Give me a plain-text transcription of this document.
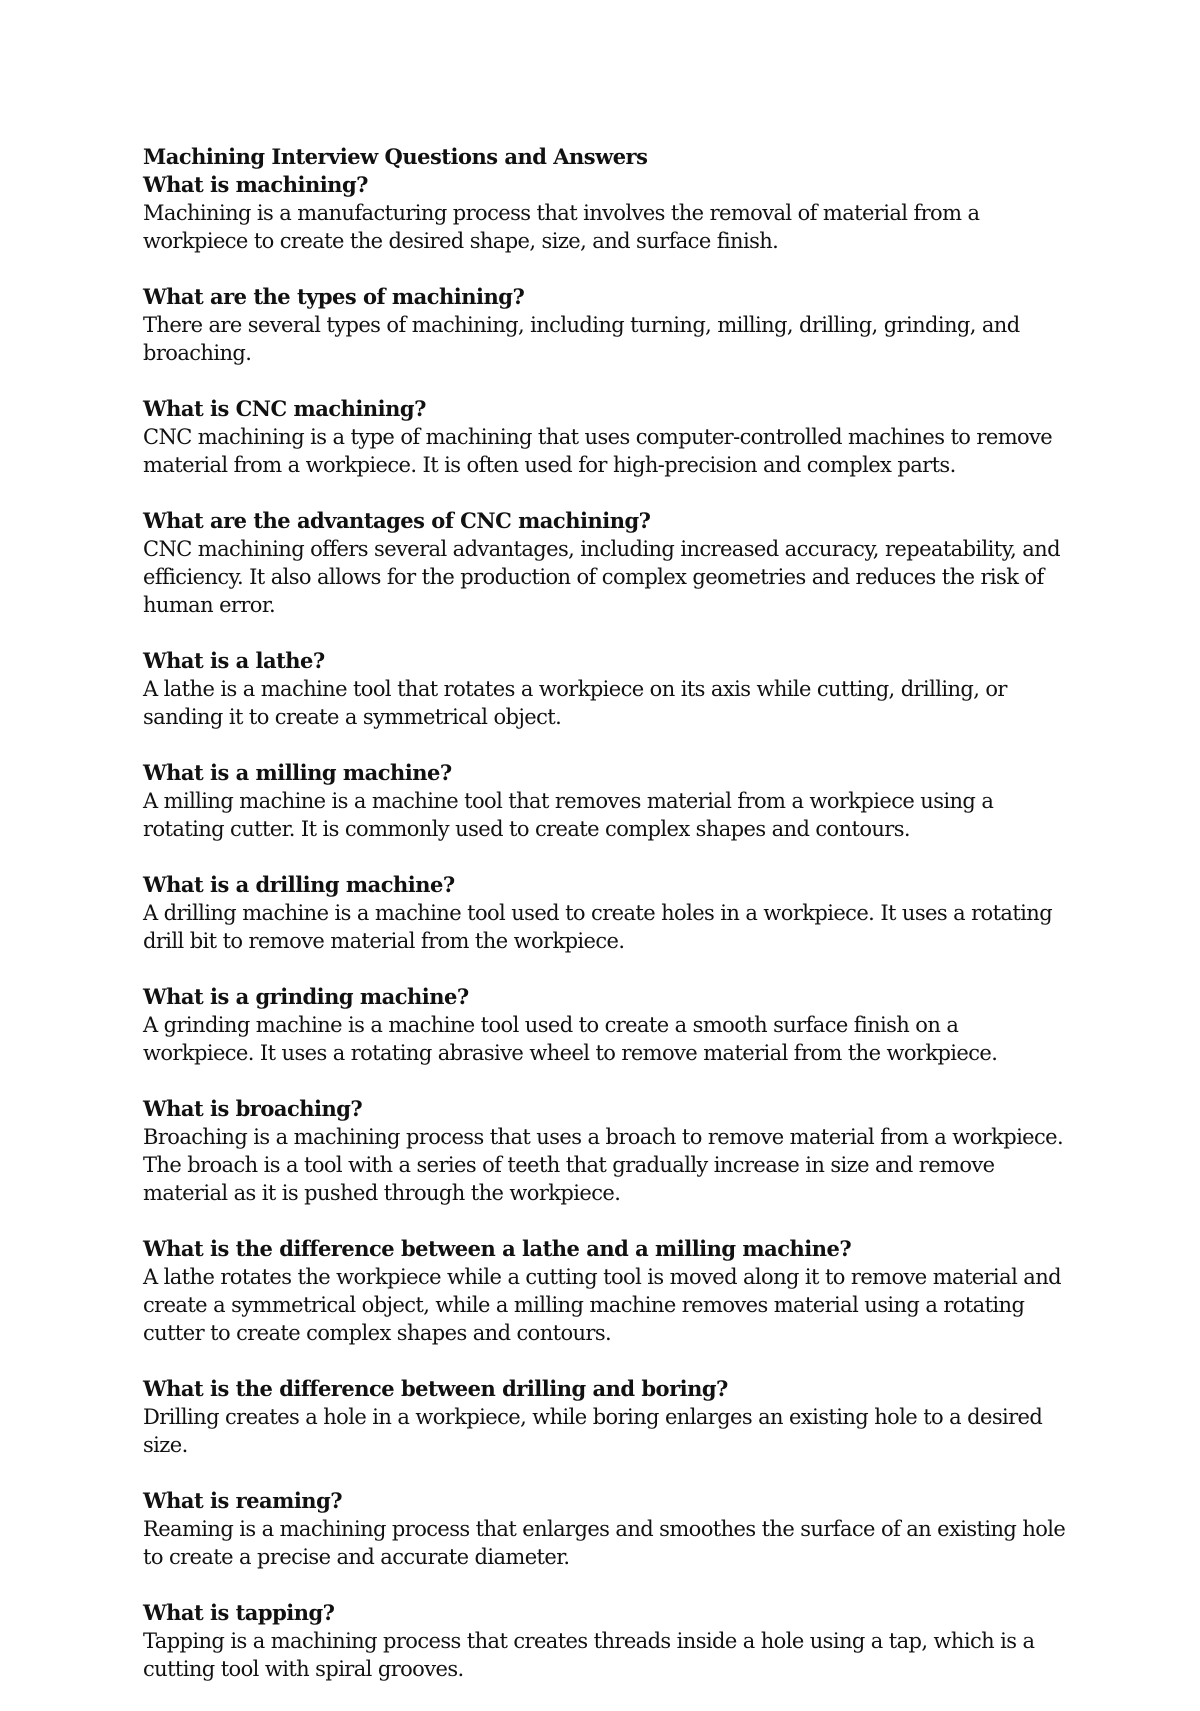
Machining Interview Questions and Answers

What is machining?

Machining is a manufacturing process that involves the removal of material from a workpiece to create the desired shape, size, and surface finish.

What are the types of machining?

There are several types of machining, including turning, milling, drilling, grinding, and broaching.

What is CNC machining?

CNC machining is a type of machining that uses computer-controlled machines to remove material from a workpiece. It is often used for high-precision and complex parts.

What are the advantages of CNC machining?

CNC machining offers several advantages, including increased accuracy, repeatability, and efficiency. It also allows for the production of complex geometries and reduces the risk of human error.

What is a lathe?

A lathe is a machine tool that rotates a workpiece on its axis while cutting, drilling, or sanding it to create a symmetrical object.

What is a milling machine?

A milling machine is a machine tool that removes material from a workpiece using a rotating cutter. It is commonly used to create complex shapes and contours.

What is a drilling machine?

A drilling machine is a machine tool used to create holes in a workpiece. It uses a rotating drill bit to remove material from the workpiece.

What is a grinding machine?

A grinding machine is a machine tool used to create a smooth surface finish on a workpiece. It uses a rotating abrasive wheel to remove material from the workpiece.

What is broaching?

Broaching is a machining process that uses a broach to remove material from a workpiece. The broach is a tool with a series of teeth that gradually increase in size and remove material as it is pushed through the workpiece.

What is the difference between a lathe and a milling machine?

A lathe rotates the workpiece while a cutting tool is moved along it to remove material and create a symmetrical object, while a milling machine removes material using a rotating cutter to create complex shapes and contours.

What is the difference between drilling and boring?

Drilling creates a hole in a workpiece, while boring enlarges an existing hole to a desired size.

What is reaming?

Reaming is a machining process that enlarges and smoothes the surface of an existing hole to create a precise and accurate diameter.

What is tapping?

Tapping is a machining process that creates threads inside a hole using a tap, which is a cutting tool with spiral grooves.
